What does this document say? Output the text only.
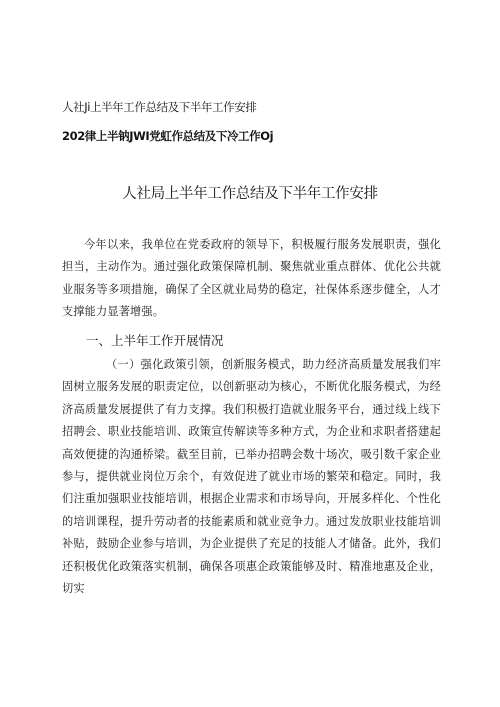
人社Ji上半年工作总结及下半年工作安排
202律上半钠JWI党虹作总结及下冷工作Oj
人社局上半年工作总结及下半年工作安排
今年以来，我单位在党委政府的领导下，积极履行服务发展职责，强化担当，主动作为。通过强化政策保障机制、聚焦就业重点群体、优化公共就业服务等多项措施，确保了全区就业局势的稳定，社保体系逐步健全，人才支撑能力显著增强。
一、上半年工作开展情况
（一）强化政策引领，创新服务模式，助力经济高质量发展我们牢固树立服务发展的职责定位，以创新驱动为核心，不断优化服务模式，为经济高质量发展提供了有力支撑。我们积极打造就业服务平台，通过线上线下招聘会、职业技能培训、政策宣传解读等多种方式，为企业和求职者搭建起高效便捷的沟通桥梁。截至目前，已举办招聘会数十场次，吸引数千家企业参与，提供就业岗位万余个，有效促进了就业市场的繁荣和稳定。同时，我们注重加强职业技能培训，根据企业需求和市场导向，开展多样化、个性化的培训课程，提升劳动者的技能素质和就业竞争力。通过发放职业技能培训补贴，鼓励企业参与培训，为企业提供了充足的技能人才储备。此外，我们还积极优化政策落实机制，确保各项惠企政策能够及时、精准地惠及企业，切实
